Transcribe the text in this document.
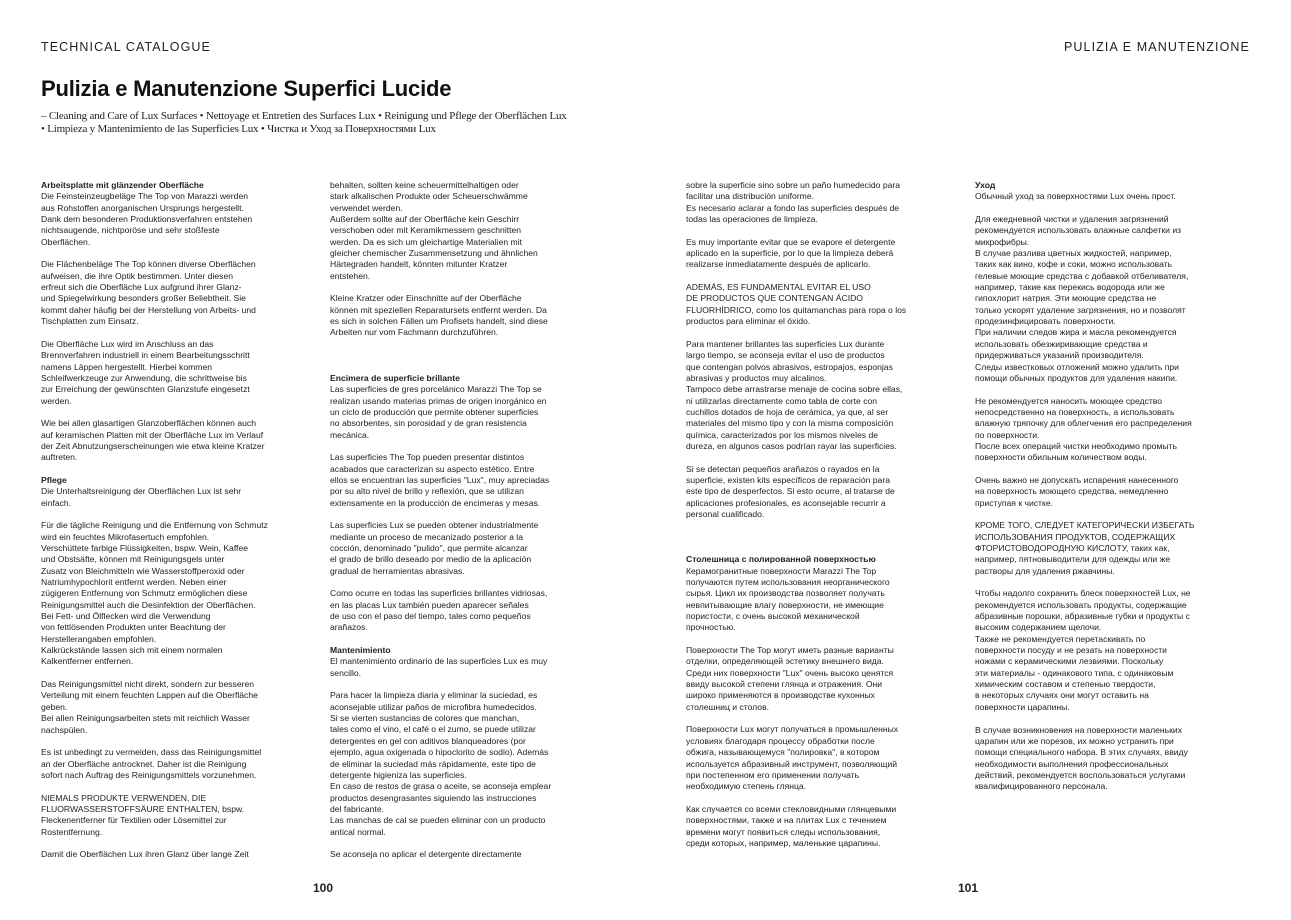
TECHNICAL CATALOGUE	PULIZIA E MANUTENZIONE
Pulizia e Manutenzione Superfici Lucide
– Cleaning and Care of Lux Surfaces • Nettoyage et Entretien des Surfaces Lux • Reinigung und Pflege der Oberflächen Lux
• Limpieza y Mantenimiento de las Superficies Lux • Чистка и Уход за Поверхностями Lux
Arbeitsplatte mit glänzender Oberfläche
Die Feinsteinzeugbeläge The Top von Marazzi werden
aus Rohstoffen anorganischen Ursprungs hergestellt.
Dank dem besonderen Produktionsverfahren entstehen
nichtsaugende, nichtporöse und sehr stoßfeste
Oberflächen.
Die Flächenbeläge The Top können diverse Oberflächen
aufweisen, die ihre Optik bestimmen. Unter diesen
erfreut sich die Oberfläche Lux aufgrund ihrer Glanz-
und Spiegelwirkung besonders großer Beliebtheit. Sie
kommt daher häufig bei der Herstellung von Arbeits- und
Tischplatten zum Einsatz.
Die Oberfläche Lux wird im Anschluss an das
Brennverfahren industriell in einem Bearbeitungsschritt
namens Läppen hergestellt. Hierbei kommen
Schleifwerkzeuge zur Anwendung, die schrittweise bis
zur Erreichung der gewünschten Glanzstufe eingesetzt
werden.
Wie bei allen glasartigen Glanzoberflächen können auch
auf keramischen Platten mit der Oberfläche Lux im Verlauf
der Zeit Abnutzungserscheinungen wie etwa kleine Kratzer
auftreten.
Pflege
Die Unterhaltsreinigung der Oberflächen Lux ist sehr
einfach.
Für die tägliche Reinigung und die Entfernung von Schmutz
wird ein feuchtes Mikrofasertuch empfohlen.
Verschüttete farbige Flüssigkeiten, bspw. Wein, Kaffee
und Obstsäfte, können mit Reinigungsgels unter
Zusatz von Bleichmitteln wie Wasserstoffperoxid oder
Natriumhypochlorit entfernt werden. Neben einer
zügigeren Entfernung von Schmutz ermöglichen diese
Reinigungsmittel auch die Desinfektion der Oberflächen.
Bei Fett- und Ölflecken wird die Verwendung
von fettlösenden Produkten unter Beachtung der
Herstellerangaben empfohlen.
Kalkrückstände lassen sich mit einem normalen
Kalkentferner entfernen.
Das Reinigungsmittel nicht direkt, sondern zur besseren
Verteilung mit einem feuchten Lappen auf die Oberfläche
geben.
Bei allen Reinigungsarbeiten stets mit reichlich Wasser
nachspülen.
Es ist unbedingt zu vermeiden, dass das Reinigungsmittel
an der Oberfläche antrocknet. Daher ist die Reinigung
sofort nach Auftrag des Reinigungsmittels vorzunehmen.
NIEMALS PRODUKTE VERWENDEN, DIE
FLUORWASSERSTOFFSÄURE ENTHALTEN, bspw.
Fleckenentferner für Textilien oder Lösemittel zur
Rostentfernung.
Damit die Oberflächen Lux ihren Glanz über lange Zeit
behalten, sollten keine scheuermittelhaltigen oder
stark alkalischen Produkte oder Scheuerschwämme
verwendet werden.
Außerdem sollte auf der Oberfläche kein Geschirr
verschoben oder mit Keramikmessern geschnitten
werden. Da es sich um gleichartige Materialien mit
gleicher chemischer Zusammensetzung und ähnlichen
Härtegraden handelt, könnten mitunter Kratzer
entstehen.
Kleine Kratzer oder Einschnitte auf der Oberfläche
können mit speziellen Reparatursets entfernt werden. Da
es sich in solchen Fällen um Profisets handelt, sind diese
Arbeiten nur vom Fachmann durchzuführen.
Encimera de superficie brillante
Las superficies de gres porcelánico Marazzi The Top se
realizan usando materias primas de origen inorgánico en
un ciclo de producción que permite obtener superficies
no absorbentes, sin porosidad y de gran resistencia
mecánica.
Las superficies The Top pueden presentar distintos
acabados que caracterizan su aspecto estético. Entre
ellos se encuentran las superficies "Lux", muy apreciadas
por su alto nivel de brillo y reflexión, que se utilizan
extensamente en la producción de encimeras y mesas.
Las superficies Lux se pueden obtener industrialmente
mediante un proceso de mecanizado posterior a la
cocción, denominado "pulido", que permite alcanzar
el grado de brillo deseado por medio de la aplicación
gradual de herramientas abrasivas.
Como ocurre en todas las superficies brillantes vidriosas,
en las placas Lux también pueden aparecer señales
de uso con el paso del tiempo, tales como pequeños
arañazos.
Mantenimiento
El mantenimiento ordinario de las superficies Lux es muy
sencillo.
Para hacer la limpieza diaria y eliminar la suciedad, es
aconsejable utilizar paños de microfibra humedecidos.
Si se vierten sustancias de colores que manchan,
tales como el vino, el café o el zumo, se puede utilizar
detergentes en gel con aditivos blanqueadores (por
ejemplo, agua oxigenada o hipoclorito de sodio). Además
de eliminar la suciedad más rápidamente, este tipo de
detergente higieniza las superficies.
En caso de restos de grasa o aceite, se aconseja emplear
productos desengrasantes siguiendo las instrucciones
del fabricante.
Las manchas de cal se pueden eliminar con un producto
antical normal.
Se aconseja no aplicar el detergente directamente
sobre la superficie sino sobre un paño humedecido para
facilitar una distribución uniforme.
Es necesario aclarar a fondo las superficies después de
todas las operaciones de limpieza.
Es muy importante evitar que se evapore el detergente
aplicado en la superficie, por lo que la limpieza deberá
realizarse inmediatamente después de aplicarlo.
ADEMÁS, ES FUNDAMENTAL EVITAR EL USO
DE PRODUCTOS QUE CONTENGAN ÁCIDO
FLUORHÍDRICO, como los quitamanchas para ropa o los
productos para eliminar el óxido.
Para mantener brillantes las superficies Lux durante
largo tiempo, se aconseja evitar el uso de productos
que contengan polvos abrasivos, estropajos, esponjas
abrasivas y productos muy alcalinos.
Tampoco debe arrastrarse menaje de cocina sobre ellas,
ni utilizarlas directamente como tabla de corte con
cuchillos dotados de hoja de cerámica, ya que, al ser
materiales del mismo tipo y con la misma composición
química, caracterizados por los mismos niveles de
dureza, en algunos casos podrían rayar las superficies.
Si se detectan pequeños arañazos o rayados en la
superficie, existen kits específicos de reparación para
este tipo de desperfectos. Si esto ocurre, al tratarse de
aplicaciones profesionales, es aconsejable recurrir a
personal cualificado.
Столешница с полированной поверхностью
Керамогранитные поверхности Marazzi The Top
получаются путем использования неорганического
сырья. Цикл их производства позволяет получать
невпитывающие влагу поверхности, не имеющие
пористости, с очень высокой механической
прочностью.
Поверхности The Top могут иметь разные варианты
отделки, определяющей эстетику внешнего вида.
Среди них поверхности "Lux" очень высоко ценятся
ввиду высокой степени глянца и отражения. Они
широко применяются в производстве кухонных
столешниц и столов.
Поверхности Lux могут получаться в промышленных
условиях благодаря процессу обработки после
обжига, называющемуся "полировка", в котором
используется абразивный инструмент, позволяющий
при постепенном его применении получать
необходимую степень глянца.
Как случается со всеми стекловидными глянцевыми
поверхностями, также и на плитах Lux с течением
времени могут появиться следы использования,
среди которых, например, маленькие царапины.
Уход
Обычный уход за поверхностями Lux очень прост.
Для ежедневной чистки и удаления загрязнений
рекомендуется использовать влажные салфетки из
микрофибры.
В случае разлива цветных жидкостей, например,
таких как вино, кофе и соки, можно использовать
гелевые моющие средства с добавкой отбеливателя,
например, такие как перекись водорода или же
гипохлорит натрия. Эти моющие средства не
только ускорят удаление загрязнения, но и позволят
продезинфицировать поверхности.
При наличии следов жира и масла рекомендуется
использовать обезжиривающие средства и
придерживаться указаний производителя.
Следы известковых отложений можно удалить при
помощи обычных продуктов для удаления накипи.
Не рекомендуется наносить моющее средство
непосредственно на поверхность, а использовать
влажную тряпочку для облегчения его распределения
по поверхности.
После всех операций чистки необходимо промыть
поверхности обильным количеством воды.
Очень важно не допускать испарения нанесенного
на поверхность моющего средства, немедленно
приступая к чистке.
КРОМЕ ТОГО, СЛЕДУЕТ КАТЕГОРИЧЕСКИ ИЗБЕГАТЬ
ИСПОЛЬЗОВАНИЯ ПРОДУКТОВ, СОДЕРЖАЩИХ
ФТОРИСТОВОДОРОДНУЮ КИСЛОТУ, таких как,
например, пятновыводители для одежды или же
растворы для удаления ржавчины.
Чтобы надолго сохранить блеск поверхностей Lux, не
рекомендуется использовать продукты, содержащие
абразивные порошки, абразивные губки и продукты с
высоким содержанием щелочи.
Также не рекомендуется перетаскивать по
поверхности посуду и не резать на поверхности
ножами с керамическими лезвиями. Поскольку
эти материалы - одинакового типа, с одинаковым
химическим составом и степенью твердости,
в некоторых случаях они могут оставить на
поверхности царапины.
В случае возникновения на поверхности маленьких
царапин или же порезов, их можно устранить при
помощи специального набора. В этих случаях, ввиду
необходимости выполнения профессиональных
действий, рекомендуется воспользоваться услугами
квалифицированного персонала.
100	101
